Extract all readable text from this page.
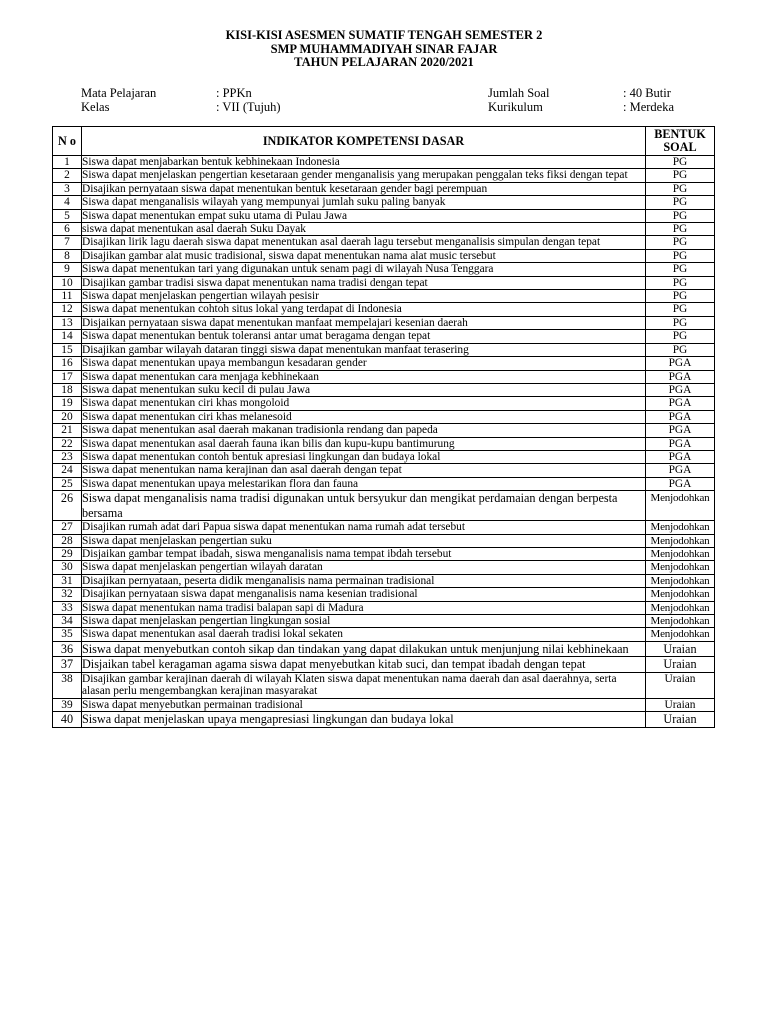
KISI-KISI ASESMEN SUMATIF TENGAH SEMESTER 2
SMP MUHAMMADIYAH SINAR FAJAR
TAHUN PELAJARAN 2020/2021
Mata Pelajaran	: PPKn	Jumlah Soal	: 40 Butir
Kelas	: VII (Tujuh)	Kurikulum	: Merdeka
N o	INDIKATOR KOMPETENSI DASAR	BENTUK SOAL
1	Siswa dapat menjabarkan bentuk kebhinekaan Indonesia	PG
2	Siswa dapat menjelaskan pengertian kesetaraan gender menganalisis yang merupakan penggalan teks fiksi dengan tepat	PG
3	Disajikan pernyataan siswa dapat menentukan bentuk kesetaraan gender bagi perempuan	PG
4	Siswa dapat menganalisis wilayah yang mempunyai jumlah suku paling banyak	PG
5	Siswa dapat menentukan empat suku utama di Pulau Jawa	PG
6	siswa dapat menentukan asal daerah Suku Dayak	PG
7	Disajikan lirik lagu daerah siswa dapat menentukan asal daerah lagu tersebut menganalisis simpulan dengan tepat	PG
8	Disajikan gambar alat music tradisional, siswa dapat menentukan nama alat music tersebut	PG
9	Siswa dapat menentukan tari yang digunakan untuk senam pagi di wilayah Nusa Tenggara	PG
10	Disajikan gambar tradisi siswa dapat menentukan nama tradisi dengan tepat	PG
11	Siswa dapat menjelaskan pengertian wilayah pesisir	PG
12	Siswa dapat menentukan cohtoh situs lokal yang terdapat di Indonesia	PG
13	Disjaikan pernyataan siswa dapat menentukan manfaat mempelajari kesenian daerah	PG
14	Siswa dapat menentukan bentuk toleransi antar umat beragama dengan tepat	PG
15	Disajikan gambar wilayah dataran tinggi siswa dapat menentukan manfaat terasering	PG
16	Siswa dapat menentukan upaya membangun kesadaran gender	PGA
17	Siswa dapat menentukan cara menjaga kebhinekaan	PGA
18	Siswa dapat menentukan suku kecil di pulau Jawa	PGA
19	Siswa dapat menentukan ciri khas mongoloid	PGA
20	Siswa dapat menentukan ciri khas melanesoid	PGA
21	Siswa dapat menentukan asal daerah makanan tradisionla rendang dan papeda	PGA
22	Siswa dapat menentukan asal daerah fauna ikan bilis dan kupu-kupu bantimurung	PGA
23	Siswa dapat menentukan contoh bentuk apresiasi lingkungan dan budaya lokal	PGA
24	Siswa dapat menentukan nama kerajinan dan asal daerah dengan tepat	PGA
25	Siswa dapat menentukan upaya melestarikan flora dan fauna	PGA
26	Siswa dapat menganalisis nama tradisi digunakan untuk bersyukur dan mengikat perdamaian dengan berpesta bersama	Menjodohkan
27	Disajikan rumah adat dari Papua siswa dapat menentukan nama rumah adat tersebut	Menjodohkan
28	Siswa dapat menjelaskan pengertian suku	Menjodohkan
29	Disjaikan gambar tempat ibadah, siswa menganalisis nama tempat ibdah tersebut	Menjodohkan
30	Siswa dapat menjelaskan pengertian wilayah daratan	Menjodohkan
31	Disajikan pernyataan, peserta didik menganalisis nama permainan tradisional	Menjodohkan
32	Disajikan pernyataan siswa dapat menganalisis nama kesenian tradisional	Menjodohkan
33	Siswa dapat menentukan nama tradisi balapan sapi di Madura	Menjodohkan
34	Siswa dapat menjelaskan pengertian lingkungan sosial	Menjodohkan
35	Siswa dapat menentukan asal daerah tradisi lokal sekaten	Menjodohkan
36	Siswa dapat menyebutkan contoh sikap dan tindakan yang dapat dilakukan untuk menjunjung nilai kebhinekaan	Uraian
37	Disjaikan tabel keragaman agama siswa dapat menyebutkan kitab suci, dan tempat ibadah dengan tepat	Uraian
38	Disajikan gambar kerajinan daerah di wilayah Klaten siswa dapat menentukan nama daerah dan asal daerahnya, serta alasan perlu mengembangkan kerajinan masyarakat	Uraian
39	Siswa dapat menyebutkan permainan tradisional	Uraian
40	Siswa dapat menjelaskan upaya mengapresiasi lingkungan dan budaya lokal	Uraian
